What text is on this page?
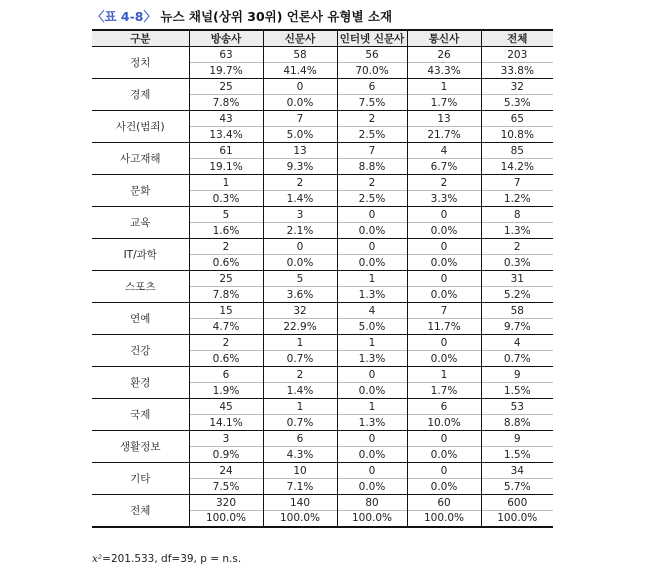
〈표 4-8〉 뉴스 채널(상위 30위) 언론사 유형별 소재
구분	방송사	신문사	인터넷 신문사	통신사	전체
정치	63	58	56	26	203
	19.7%	41.4%	70.0%	43.3%	33.8%
경제	25	0	6	1	32
	7.8%	0.0%	7.5%	1.7%	5.3%
사건(범죄)	43	7	2	13	65
	13.4%	5.0%	2.5%	21.7%	10.8%
사고재해	61	13	7	4	85
	19.1%	9.3%	8.8%	6.7%	14.2%
문화	1	2	2	2	7
	0.3%	1.4%	2.5%	3.3%	1.2%
교육	5	3	0	0	8
	1.6%	2.1%	0.0%	0.0%	1.3%
IT/과학	2	0	0	0	2
	0.6%	0.0%	0.0%	0.0%	0.3%
스포츠	25	5	1	0	31
	7.8%	3.6%	1.3%	0.0%	5.2%
연예	15	32	4	7	58
	4.7%	22.9%	5.0%	11.7%	9.7%
건강	2	1	1	0	4
	0.6%	0.7%	1.3%	0.0%	0.7%
환경	6	2	0	1	9
	1.9%	1.4%	0.0%	1.7%	1.5%
국제	45	1	1	6	53
	14.1%	0.7%	1.3%	10.0%	8.8%
생활정보	3	6	0	0	9
	0.9%	4.3%	0.0%	0.0%	1.5%
기타	24	10	0	0	34
	7.5%	7.1%	0.0%	0.0%	5.7%
전체	320	140	80	60	600
	100.0%	100.0%	100.0%	100.0%	100.0%
x²=201.533, df=39, p = n.s.
